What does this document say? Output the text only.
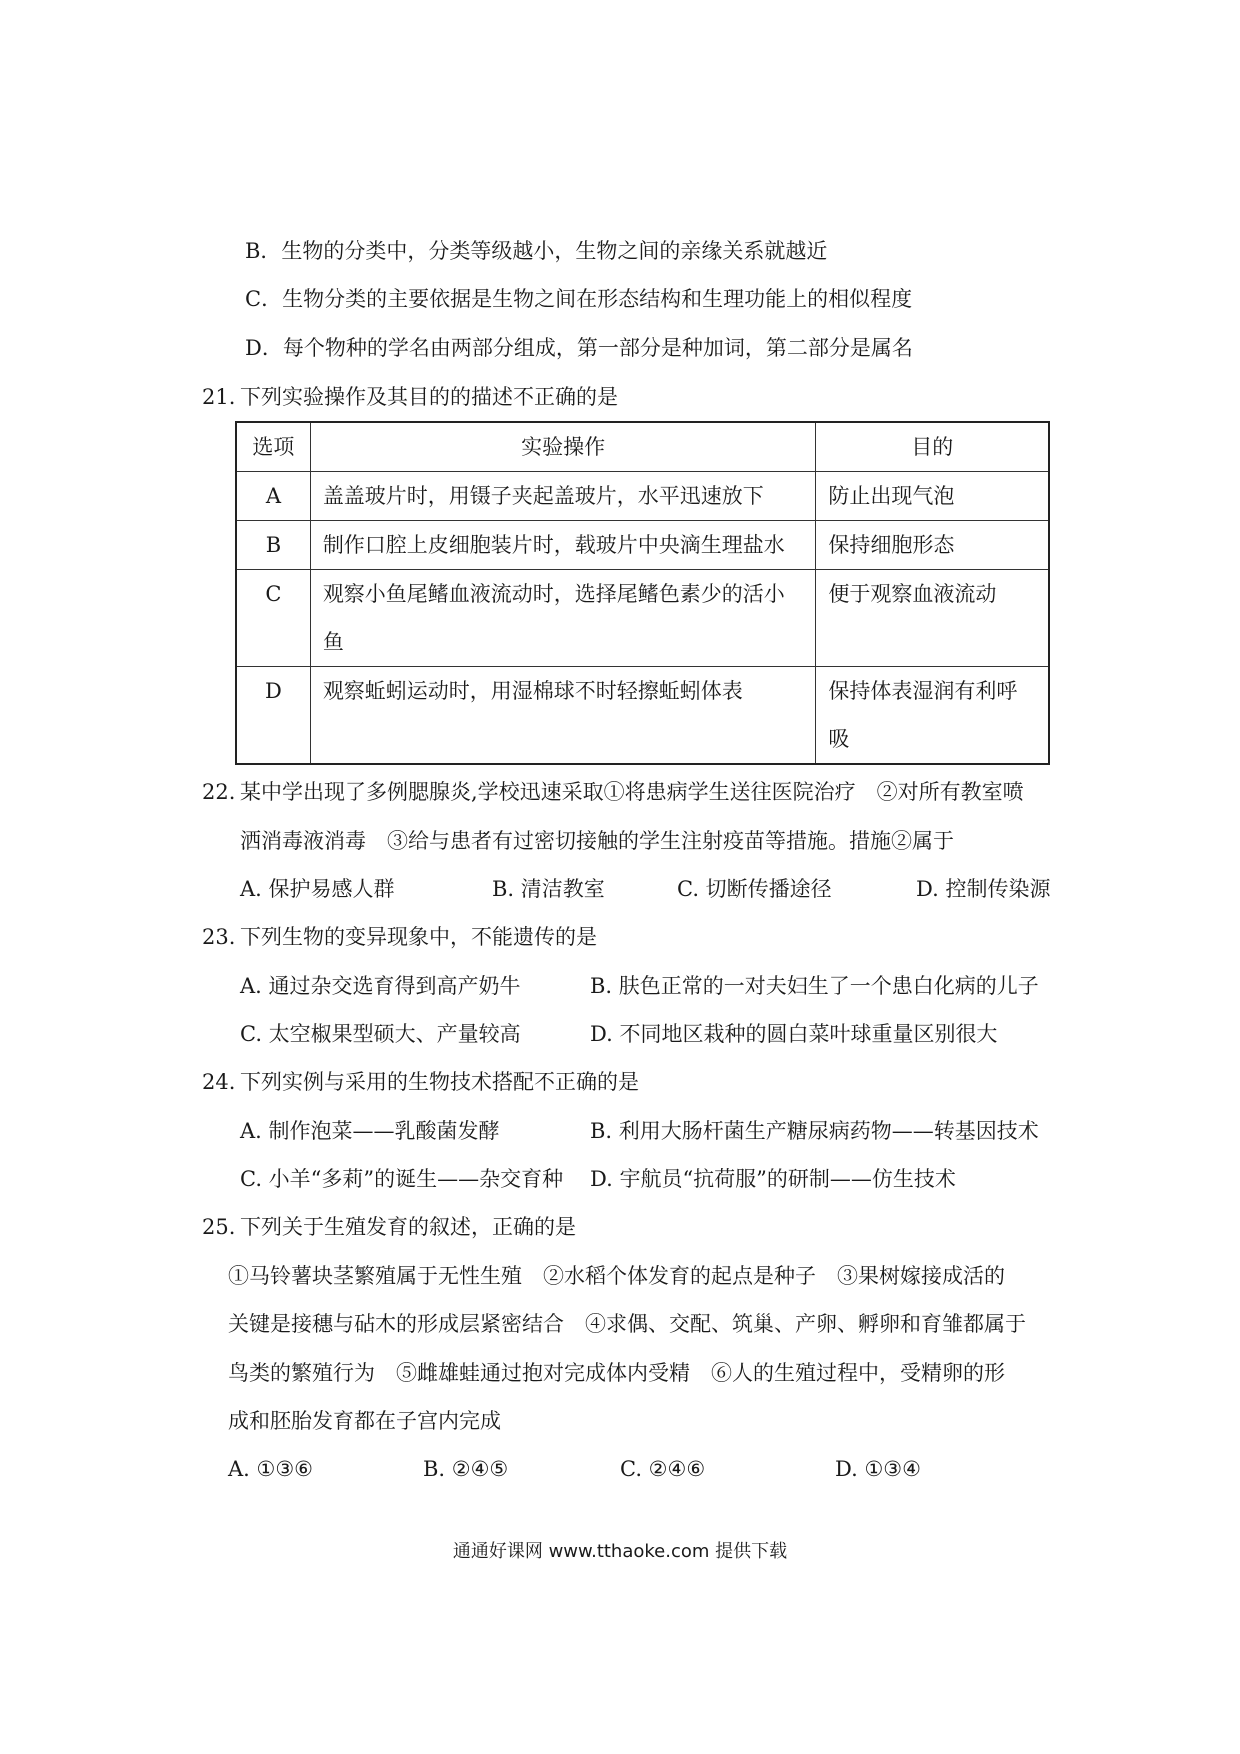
B．生物的分类中，分类等级越小，生物之间的亲缘关系就越近
C．生物分类的主要依据是生物之间在形态结构和生理功能上的相似程度
D．每个物种的学名由两部分组成，第一部分是种加词，第二部分是属名
21. 下列实验操作及其目的的描述不正确的是
选项	实验操作	目的
A	盖盖玻片时，用镊子夹起盖玻片，水平迅速放下	防止出现气泡
B	制作口腔上皮细胞装片时，载玻片中央滴生理盐水	保持细胞形态
C	观察小鱼尾鳍血液流动时，选择尾鳍色素少的活小鱼	便于观察血液流动
D	观察蚯蚓运动时，用湿棉球不时轻擦蚯蚓体表	保持体表湿润有利呼吸
22. 某中学出现了多例腮腺炎,学校迅速采取①将患病学生送往医院治疗　②对所有教室喷
洒消毒液消毒　③给与患者有过密切接触的学生注射疫苗等措施。措施②属于
A. 保护易感人群	B. 清洁教室	C. 切断传播途径	D. 控制传染源
23. 下列生物的变异现象中，不能遗传的是
A. 通过杂交选育得到高产奶牛	B. 肤色正常的一对夫妇生了一个患白化病的儿子
C. 太空椒果型硕大、产量较高	D. 不同地区栽种的圆白菜叶球重量区别很大
24. 下列实例与采用的生物技术搭配不正确的是
A. 制作泡菜——乳酸菌发酵	B. 利用大肠杆菌生产糖尿病药物——转基因技术
C. 小羊“多莉”的诞生——杂交育种 D. 宇航员“抗荷服”的研制——仿生技术
25. 下列关于生殖发育的叙述，正确的是
①马铃薯块茎繁殖属于无性生殖　②水稻个体发育的起点是种子　③果树嫁接成活的
关键是接穗与砧木的形成层紧密结合　④求偶、交配、筑巢、产卵、孵卵和育雏都属于
鸟类的繁殖行为　⑤雌雄蛙通过抱对完成体内受精　⑥人的生殖过程中，受精卵的形
成和胚胎发育都在子宫内完成
A. ①③⑥	B. ②④⑤	C. ②④⑥	D. ①③④
通通好课网 www.tthaoke.com 提供下载
